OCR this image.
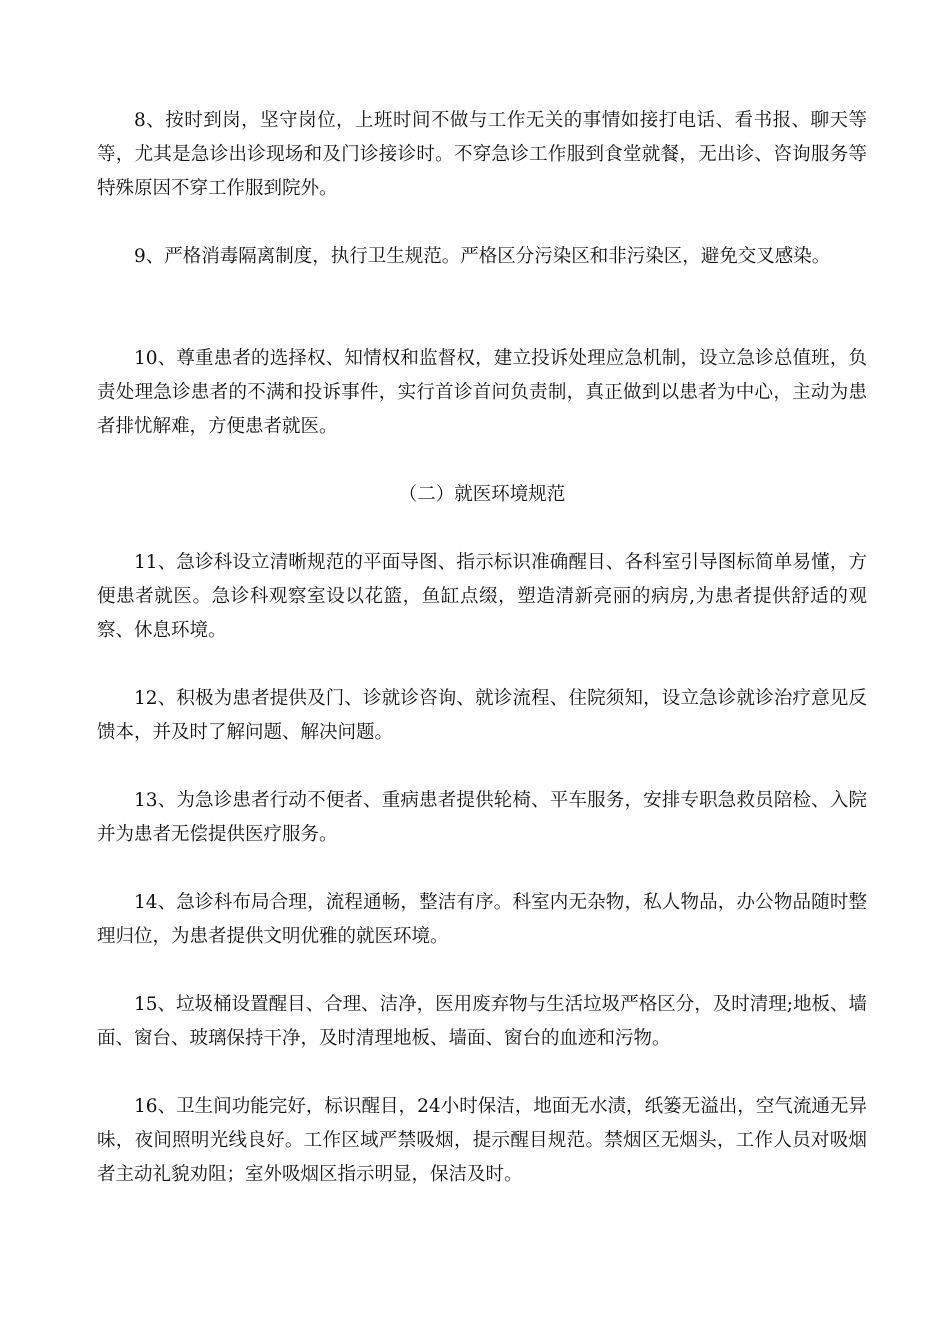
8、按时到岗，坚守岗位，上班时间不做与工作无关的事情如接打电话、看书报、聊天等等，尤其是急诊出诊现场和及门诊接诊时。不穿急诊工作服到食堂就餐，无出诊、咨询服务等特殊原因不穿工作服到院外。

9、严格消毒隔离制度，执行卫生规范。严格区分污染区和非污染区，避免交叉感染。

10、尊重患者的选择权、知情权和监督权，建立投诉处理应急机制，设立急诊总值班，负责处理急诊患者的不满和投诉事件，实行首诊首问负责制，真正做到以患者为中心，主动为患者排忧解难，方便患者就医。

（二）就医环境规范

11、急诊科设立清晰规范的平面导图、指示标识准确醒目、各科室引导图标简单易懂，方便患者就医。急诊科观察室设以花篮，鱼缸点缀，塑造清新亮丽的病房,为患者提供舒适的观察、休息环境。

12、积极为患者提供及门、诊就诊咨询、就诊流程、住院须知，设立急诊就诊治疗意见反馈本，并及时了解问题、解决问题。

13、为急诊患者行动不便者、重病患者提供轮椅、平车服务，安排专职急救员陪检、入院并为患者无偿提供医疗服务。

14、急诊科布局合理，流程通畅，整洁有序。科室内无杂物，私人物品，办公物品随时整理归位，为患者提供文明优雅的就医环境。

15、垃圾桶设置醒目、合理、洁净，医用废弃物与生活垃圾严格区分，及时清理;地板、墙面、窗台、玻璃保持干净，及时清理地板、墙面、窗台的血迹和污物。

16、卫生间功能完好，标识醒目，24小时保洁，地面无水渍，纸篓无溢出，空气流通无异味，夜间照明光线良好。工作区域严禁吸烟，提示醒目规范。禁烟区无烟头，工作人员对吸烟者主动礼貌劝阻；室外吸烟区指示明显，保洁及时。
